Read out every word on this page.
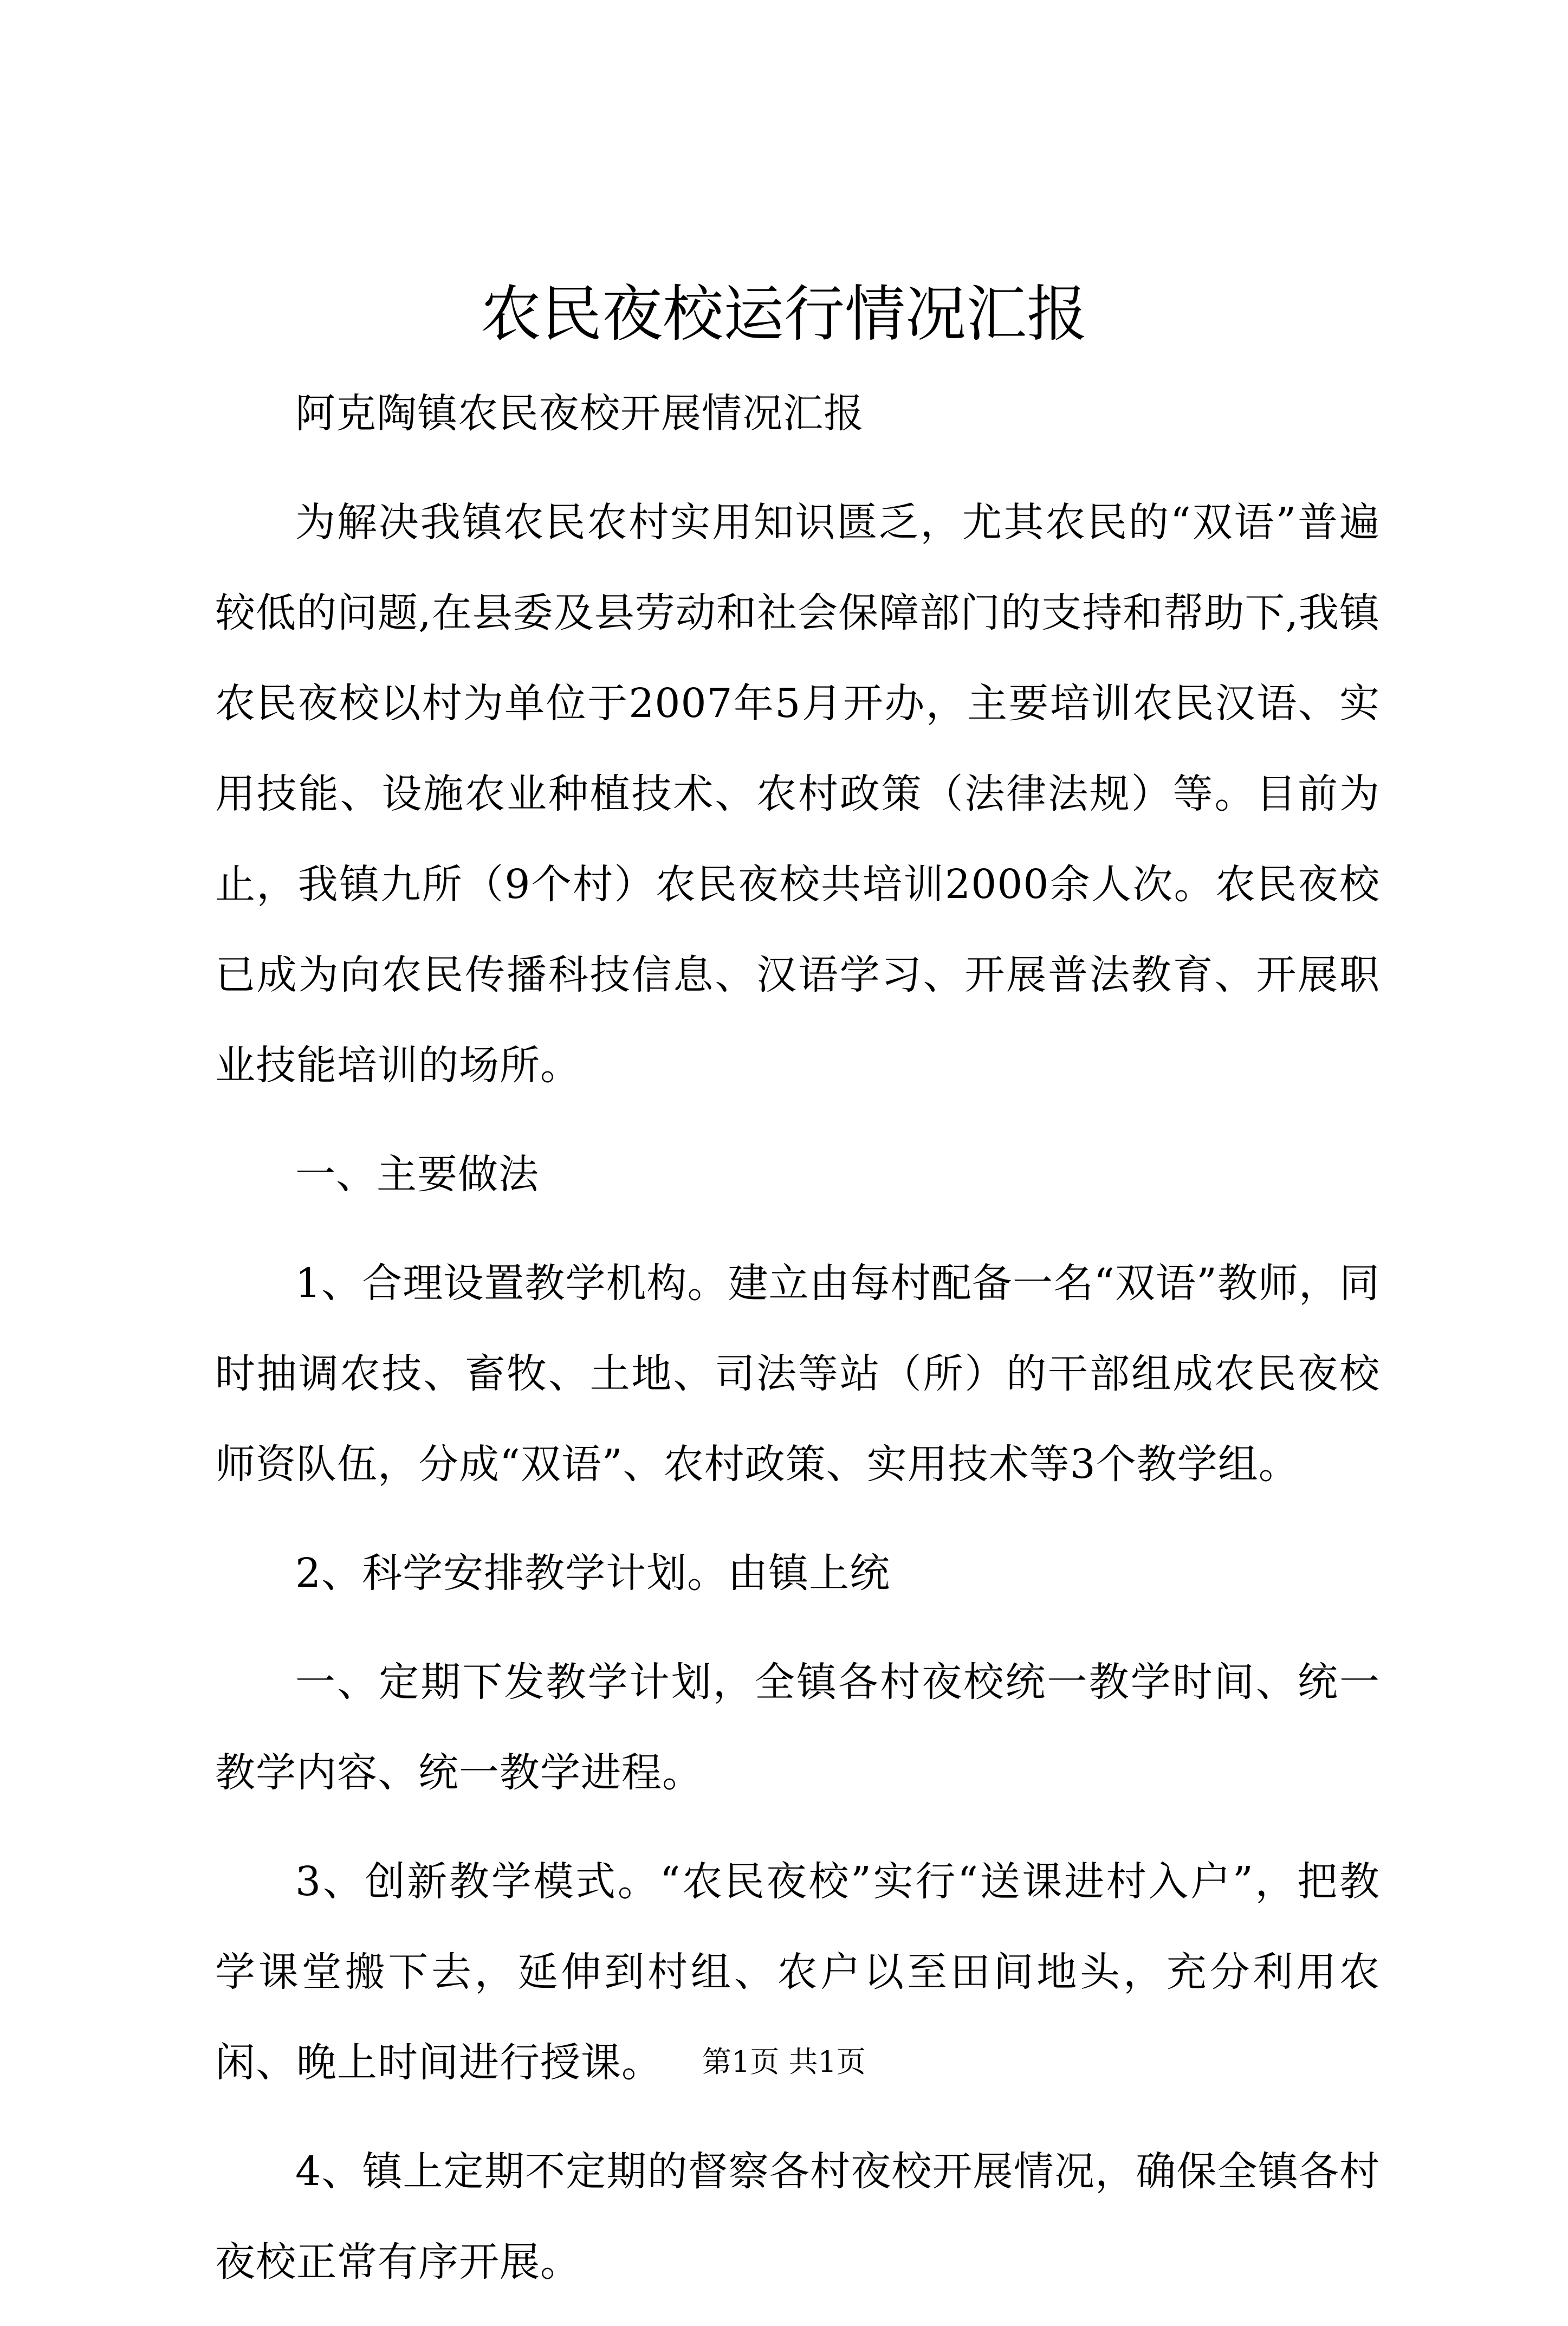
农民夜校运行情况汇报

阿克陶镇农民夜校开展情况汇报

为解决我镇农民农村实用知识匮乏，尤其农民的“双语”普遍较低的问题,在县委及县劳动和社会保障部门的支持和帮助下,我镇农民夜校以村为单位于2007年5月开办，主要培训农民汉语、实用技能、设施农业种植技术、农村政策（法律法规）等。目前为止，我镇九所（9个村）农民夜校共培训2000余人次。农民夜校已成为向农民传播科技信息、汉语学习、开展普法教育、开展职业技能培训的场所。

一、主要做法

1、合理设置教学机构。建立由每村配备一名“双语”教师，同时抽调农技、畜牧、土地、司法等站（所）的干部组成农民夜校师资队伍，分成“双语”、农村政策、实用技术等3个教学组。

2、科学安排教学计划。由镇上统

一、定期下发教学计划，全镇各村夜校统一教学时间、统一教学内容、统一教学进程。

3、创新教学模式。“农民夜校”实行“送课进村入户”，把教学课堂搬下去，延伸到村组、农户以至田间地头，充分利用农闲、晚上时间进行授课。

4、镇上定期不定期的督察各村夜校开展情况，确保全镇各村夜校正常有序开展。

第1页 共1页
